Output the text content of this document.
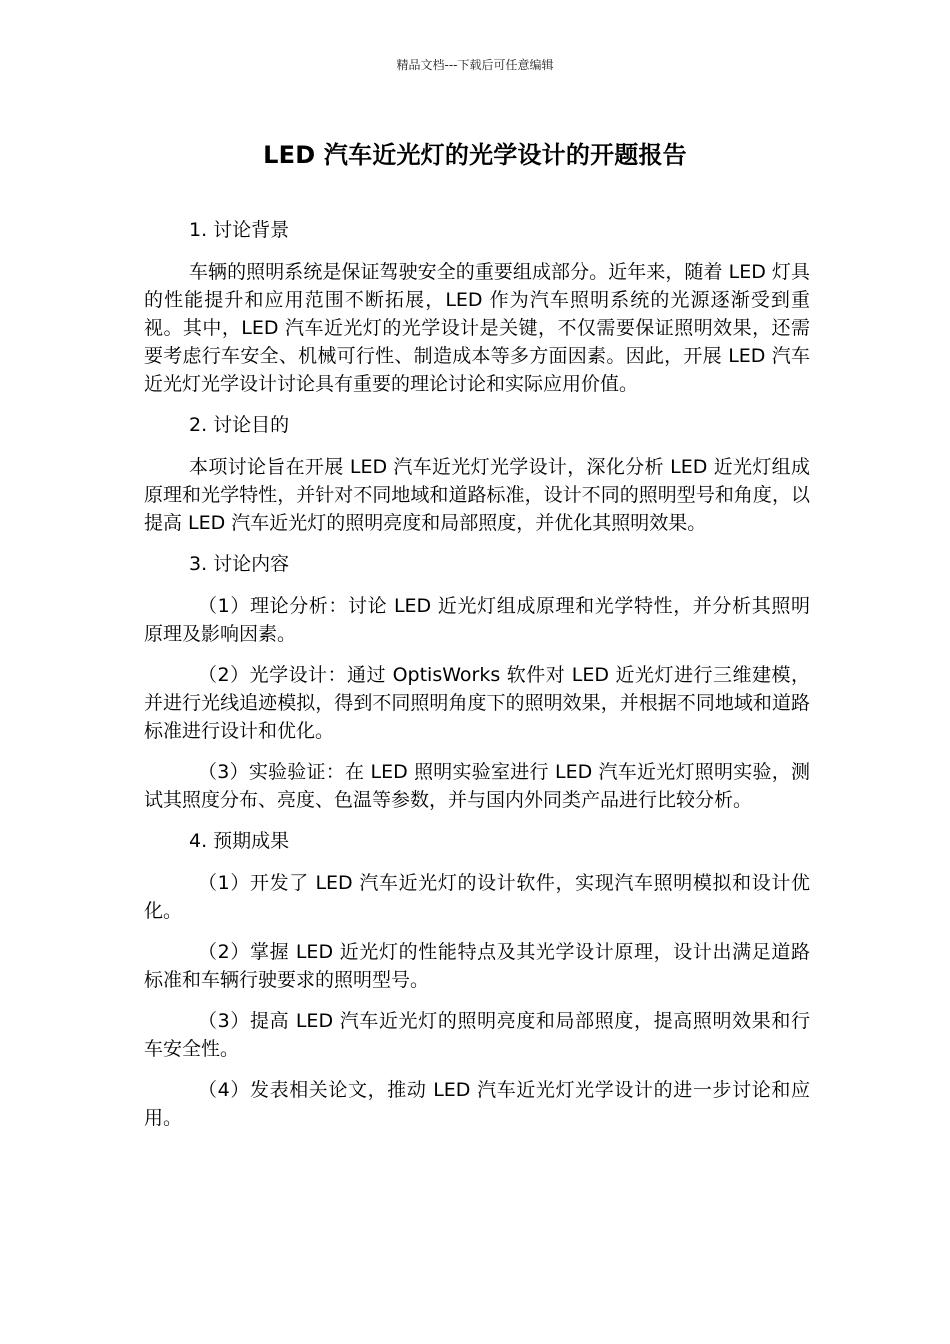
精品文档---下载后可任意编辑
LED 汽车近光灯的光学设计的开题报告
1. 讨论背景
车辆的照明系统是保证驾驶安全的重要组成部分。近年来，随着 LED 灯具的性能提升和应用范围不断拓展，LED 作为汽车照明系统的光源逐渐受到重视。其中，LED 汽车近光灯的光学设计是关键，不仅需要保证照明效果，还需要考虑行车安全、机械可行性、制造成本等多方面因素。因此，开展 LED 汽车近光灯光学设计讨论具有重要的理论讨论和实际应用价值。
2. 讨论目的
本项讨论旨在开展 LED 汽车近光灯光学设计，深化分析 LED 近光灯组成原理和光学特性，并针对不同地域和道路标准，设计不同的照明型号和角度，以提高 LED 汽车近光灯的照明亮度和局部照度，并优化其照明效果。
3. 讨论内容
（1）理论分析：讨论 LED 近光灯组成原理和光学特性，并分析其照明原理及影响因素。
（2）光学设计：通过 OptisWorks 软件对 LED 近光灯进行三维建模，并进行光线追迹模拟，得到不同照明角度下的照明效果，并根据不同地域和道路标准进行设计和优化。
（3）实验验证：在 LED 照明实验室进行 LED 汽车近光灯照明实验，测试其照度分布、亮度、色温等参数，并与国内外同类产品进行比较分析。
4. 预期成果
（1）开发了 LED 汽车近光灯的设计软件，实现汽车照明模拟和设计优化。
（2）掌握 LED 近光灯的性能特点及其光学设计原理，设计出满足道路标准和车辆行驶要求的照明型号。
（3）提高 LED 汽车近光灯的照明亮度和局部照度，提高照明效果和行车安全性。
（4）发表相关论文，推动 LED 汽车近光灯光学设计的进一步讨论和应用。
